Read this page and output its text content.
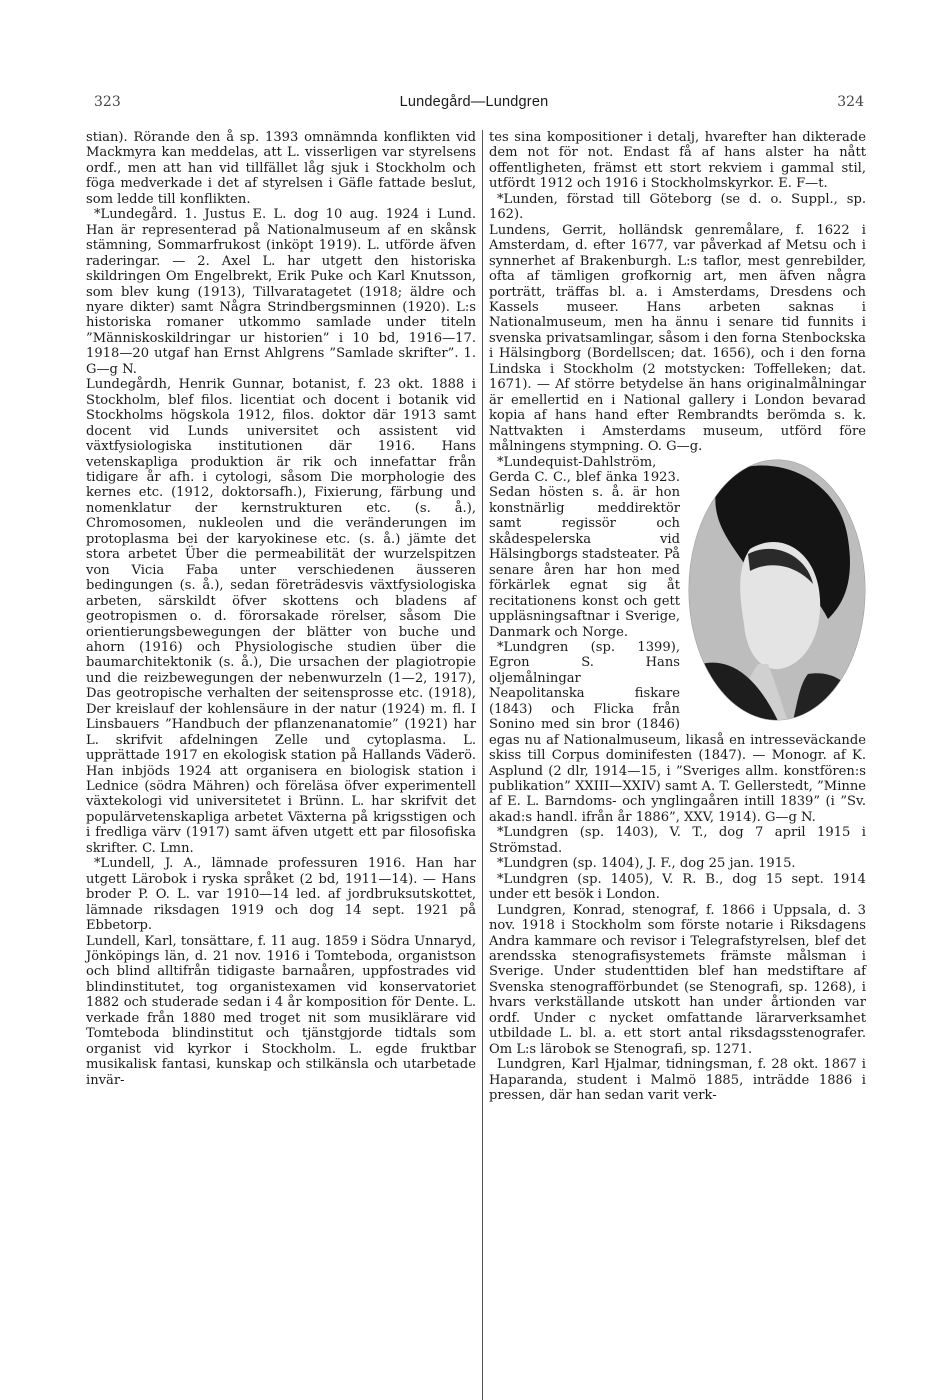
323	Lundegård—Lundgren	324

stian). Rörande den å sp. 1393 omnämnda konflikten vid Mackmyra kan meddelas, att L. visserligen var styrelsens ordf., men att han vid tillfället låg sjuk i Stockholm och föga medverkade i det af styrelsen i Gäfle fattade beslut, som ledde till konflikten.

*Lundegård. 1. Justus E. L. dog 10 aug. 1924 i Lund. Han är representerad på Nationalmuseum af en skånsk stämning, Sommarfrukost (inköpt 1919). L. utförde äfven raderingar. — 2. Axel L. har utgett den historiska skildringen Om Engelbrekt, Erik Puke och Karl Knutsson, som blev kung (1913), Tillvaratagetet (1918; äldre och nyare dikter) samt Några Strindbergsminnen (1920). L:s historiska romaner utkommo samlade under titeln ”Människoskildringar ur historien” i 10 bd, 1916—17. 1918—20 utgaf han Ernst Ahlgrens ”Samlade skrifter”. 1. G—g N.

Lundegårdh, Henrik Gunnar, botanist, f. 23 okt. 1888 i Stockholm, blef filos. licentiat och docent i botanik vid Stockholms högskola 1912, filos. doktor där 1913 samt docent vid Lunds universitet och assistent vid växtfysiologiska institutionen där 1916. Hans vetenskapliga produktion är rik och innefattar från tidigare år afh. i cytologi, såsom Die morphologie des kernes etc. (1912, doktorsafh.), Fixierung, färbung und nomenklatur der kernstrukturen etc. (s. å.), Chromosomen, nukleolen und die veränderungen im protoplasma bei der karyokinese etc. (s. å.) jämte det stora arbetet Über die permeabilität der wurzelspitzen von Vicia Faba unter verschiedenen äusseren bedingungen (s. å.), sedan företrädesvis växtfysiologiska arbeten, särskildt öfver skottens och bladens af geotropismen o. d. förorsakade rörelser, såsom Die orientierungsbewegungen der blätter von buche und ahorn (1916) och Physiologische studien über die baumarchitektonik (s. å.), Die ursachen der plagiotropie und die reizbewegungen der nebenwurzeln (1—2, 1917), Das geotropische verhalten der seitensprosse etc. (1918), Der kreislauf der kohlensäure in der natur (1924) m. fl. I Linsbauers ”Handbuch der pflanzenanatomie” (1921) har L. skrifvit afdelningen Zelle und cytoplasma. L. upprättade 1917 en ekologisk station på Hallands Väderö. Han inbjöds 1924 att organisera en biologisk station i Lednice (södra Mähren) och föreläsa öfver experimentell växtekologi vid universitetet i Brünn. L. har skrifvit det populärvetenskapliga arbetet Växterna på krigsstigen och i fredliga värv (1917) samt äfven utgett ett par filosofiska skrifter. C. Lmn.

*Lundell, J. A., lämnade professuren 1916. Han har utgett Lärobok i ryska språket (2 bd, 1911—14). — Hans broder P. O. L. var 1910—14 led. af jordbruksutskottet, lämnade riksdagen 1919 och dog 14 sept. 1921 på Ebbetorp.

Lundell, Karl, tonsättare, f. 11 aug. 1859 i Södra Unnaryd, Jönköpings län, d. 21 nov. 1916 i Tomteboda, organistson och blind alltifrån tidigaste barnaåren, uppfostrades vid blindinstitutet, tog organistexamen vid konservatoriet 1882 och studerade sedan i 4 år komposition för Dente. L. verkade från 1880 med troget nit som musiklärare vid Tomteboda blindinstitut och tjänstgjorde tidtals som organist vid kyrkor i Stockholm. L. egde fruktbar musikalisk fantasi, kunskap och stilkänsla och utarbetade invär-

tes sina kompositioner i detalj, hvarefter han dikterade dem not för not. Endast få af hans alster ha nått offentligheten, främst ett stort rekviem i gammal stil, utfördt 1912 och 1916 i Stockholmskyrkor. E. F—t.

*Lunden, förstad till Göteborg (se d. o. Suppl., sp. 162).

Lundens, Gerrit, holländsk genremålare, f. 1622 i Amsterdam, d. efter 1677, var påverkad af Metsu och i synnerhet af Brakenburgh. L:s taflor, mest genrebilder, ofta af tämligen grofkornig art, men äfven några porträtt, träffas bl. a. i Amsterdams, Dresdens och Kassels museer. Hans arbeten saknas i Nationalmuseum, men ha ännu i senare tid funnits i svenska privatsamlingar, såsom i den forna Stenbockska i Hälsingborg (Bordellscen; dat. 1656), och i den forna Lindska i Stockholm (2 motstycken: Toffelleken; dat. 1671). — Af större betydelse än hans originalmålningar är emellertid en i National gallery i London bevarad kopia af hans hand efter Rembrandts berömda s. k. Nattvakten i Amsterdams museum, utförd före målningens stympning. O. G—g.

*Lundequist-Dahlström, Gerda C. C., blef änka 1923. Sedan hösten s. å. är hon konstnärlig meddirektör samt regissör och skådespelerska vid Hälsingborgs stadsteater. På senare åren har hon med förkärlek egnat sig åt recitationens konst och gett uppläsningsaftnar i Sverige, Danmark och Norge.

*Lundgren (sp. 1399), Egron S. Hans oljemålningar Neapolitanska fiskare (1843) och Flicka från Sonino med sin bror (1846) egas nu af Nationalmuseum, likaså en intresseväckande skiss till Corpus dominifesten (1847). — Monogr. af K. Asplund (2 dlr, 1914—15, i ”Sveriges allm. konstfören:s publikation” XXIII—XXIV) samt A. T. Gellerstedt, ”Minne af E. L. Barndoms- och ynglingaåren intill 1839” (i ”Sv. akad:s handl. ifrån år 1886”, XXV, 1914). G—g N.

*Lundgren (sp. 1403), V. T., dog 7 april 1915 i Strömstad.

*Lundgren (sp. 1404), J. F., dog 25 jan. 1915.

*Lundgren (sp. 1405), V. R. B., dog 15 sept. 1914 under ett besök i London.

Lundgren, Konrad, stenograf, f. 1866 i Uppsala, d. 3 nov. 1918 i Stockholm som förste notarie i Riksdagens Andra kammare och revisor i Telegrafstyrelsen, blef det arendsska stenografisystemets främste målsman i Sverige. Under studenttiden blef han medstiftare af Svenska stenografförbundet (se Stenografi, sp. 1268), i hvars verkställande utskott han under årtionden var ordf. Under c nycket omfattande lärarverksamhet utbildade L. bl. a. ett stort antal riksdagsstenografer. Om L:s lärobok se Stenografi, sp. 1271.

Lundgren, Karl Hjalmar, tidningsman, f. 28 okt. 1867 i Haparanda, student i Malmö 1885, inträdde 1886 i pressen, där han sedan varit verk-
